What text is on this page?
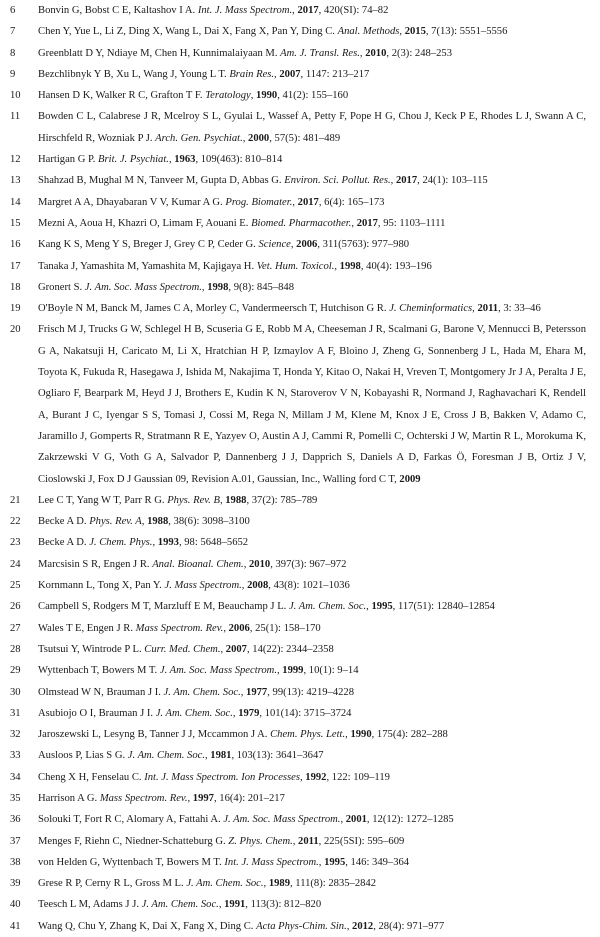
6	Bonvin G, Bobst C E, Kaltashov I A. Int. J. Mass Spectrom., 2017, 420(SI): 74–82
7	Chen Y, Yue L, Li Z, Ding X, Wang L, Dai X, Fang X, Pan Y, Ding C. Anal. Methods, 2015, 7(13): 5551–5556
8	Greenblatt D Y, Ndiaye M, Chen H, Kunnimalaiyaan M. Am. J. Transl. Res., 2010, 2(3): 248–253
9	Bezchlibnyk Y B, Xu L, Wang J, Young L T. Brain Res., 2007, 1147: 213–217
10	Hansen D K, Walker R C, Grafton T F. Teratology, 1990, 41(2): 155–160
11	Bowden C L, Calabrese J R, Mcelroy S L, Gyulai L, Wassef A, Petty F, Pope H G, Chou J, Keck P E, Rhodes L J, Swann A C, Hirschfeld R, Wozniak P J. Arch. Gen. Psychiat., 2000, 57(5): 481–489
12	Hartigan G P. Brit. J. Psychiat., 1963, 109(463): 810–814
13	Shahzad B, Mughal M N, Tanveer M, Gupta D, Abbas G. Environ. Sci. Pollut. Res., 2017, 24(1): 103–115
14	Margret A A, Dhayabaran V V, Kumar A G. Prog. Biomater., 2017, 6(4): 165–173
15	Mezni A, Aoua H, Khazri O, Limam F, Aouani E. Biomed. Pharmacother., 2017, 95: 1103–1111
16	Kang K S, Meng Y S, Breger J, Grey C P, Ceder G. Science, 2006, 311(5763): 977–980
17	Tanaka J, Yamashita M, Yamashita M, Kajigaya H. Vet. Hum. Toxicol., 1998, 40(4): 193–196
18	Gronert S. J. Am. Soc. Mass Spectrom., 1998, 9(8): 845–848
19	O'Boyle N M, Banck M, James C A, Morley C, Vandermeersch T, Hutchison G R. J. Cheminformatics, 2011, 3: 33–46
20	Frisch M J, Trucks G W, Schlegel H B, Scuseria G E, Robb M A, Cheeseman J R, Scalmani G, Barone V, Mennucci B, Petersson G A, Nakatsuji H, Caricato M, Li X, Hratchian H P, Izmaylov A F, Bloino J, Zheng G, Sonnenberg J L, Hada M, Ehara M, Toyota K, Fukuda R, Hasegawa J, Ishida M, Nakajima T, Honda Y, Kitao O, Nakai H, Vreven T, Montgomery Jr J A, Peralta J E, Ogliaro F, Bearpark M, Heyd J J, Brothers E, Kudin K N, Staroverov V N, Kobayashi R, Normand J, Raghavachari K, Rendell A, Burant J C, Iyengar S S, Tomasi J, Cossi M, Rega N, Millam J M, Klene M, Knox J E, Cross J B, Bakken V, Adamo C, Jaramillo J, Gomperts R, Stratmann R E, Yazyev O, Austin A J, Cammi R, Pomelli C, Ochterski J W, Martin R L, Morokuma K, Zakrzewski V G, Voth G A, Salvador P, Dannenberg J J, Dapprich S, Daniels A D, Farkas Ö, Foresman J B, Ortiz J V, Cioslowski J, Fox D J Gaussian 09, Revision A.01, Gaussian, Inc., Walling ford C T, 2009
21	Lee C T, Yang W T, Parr R G. Phys. Rev. B, 1988, 37(2): 785–789
22	Becke A D. Phys. Rev. A, 1988, 38(6): 3098–3100
23	Becke A D. J. Chem. Phys., 1993, 98: 5648–5652
24	Marcsisin S R, Engen J R. Anal. Bioanal. Chem., 2010, 397(3): 967–972
25	Kornmann L, Tong X, Pan Y. J. Mass Spectrom., 2008, 43(8): 1021–1036
26	Campbell S, Rodgers M T, Marzluff E M, Beauchamp J L. J. Am. Chem. Soc., 1995, 117(51): 12840–12854
27	Wales T E, Engen J R. Mass Spectrom. Rev., 2006, 25(1): 158–170
28	Tsutsui Y, Wintrode P L. Curr. Med. Chem., 2007, 14(22): 2344–2358
29	Wyttenbach T, Bowers M T. J. Am. Soc. Mass Spectrom., 1999, 10(1): 9–14
30	Olmstead W N, Brauman J I. J. Am. Chem. Soc., 1977, 99(13): 4219–4228
31	Asubiojo O I, Brauman J I. J. Am. Chem. Soc., 1979, 101(14): 3715–3724
32	Jaroszewski L, Lesyng B, Tanner J J, Mccammon J A. Chem. Phys. Lett., 1990, 175(4): 282–288
33	Ausloos P, Lias S G. J. Am. Chem. Soc., 1981, 103(13): 3641–3647
34	Cheng X H, Fenselau C. Int. J. Mass Spectrom. Ion Processes, 1992, 122: 109–119
35	Harrison A G. Mass Spectrom. Rev., 1997, 16(4): 201–217
36	Solouki T, Fort R C, Alomary A, Fattahi A. J. Am. Soc. Mass Spectrom., 2001, 12(12): 1272–1285
37	Menges F, Riehn C, Niedner-Schatteburg G. Z. Phys. Chem., 2011, 225(5SI): 595–609
38	von Helden G, Wyttenbach T, Bowers M T. Int. J. Mass Spectrom., 1995, 146: 349–364
39	Grese R P, Cerny R L, Gross M L. J. Am. Chem. Soc., 1989, 111(8): 2835–2842
40	Teesch L M, Adams J J. J. Am. Chem. Soc., 1991, 113(3): 812–820
41	Wang Q, Chu Y, Zhang K, Dai X, Fang X, Ding C. Acta Phys-Chim. Sin., 2012, 28(4): 971–977
